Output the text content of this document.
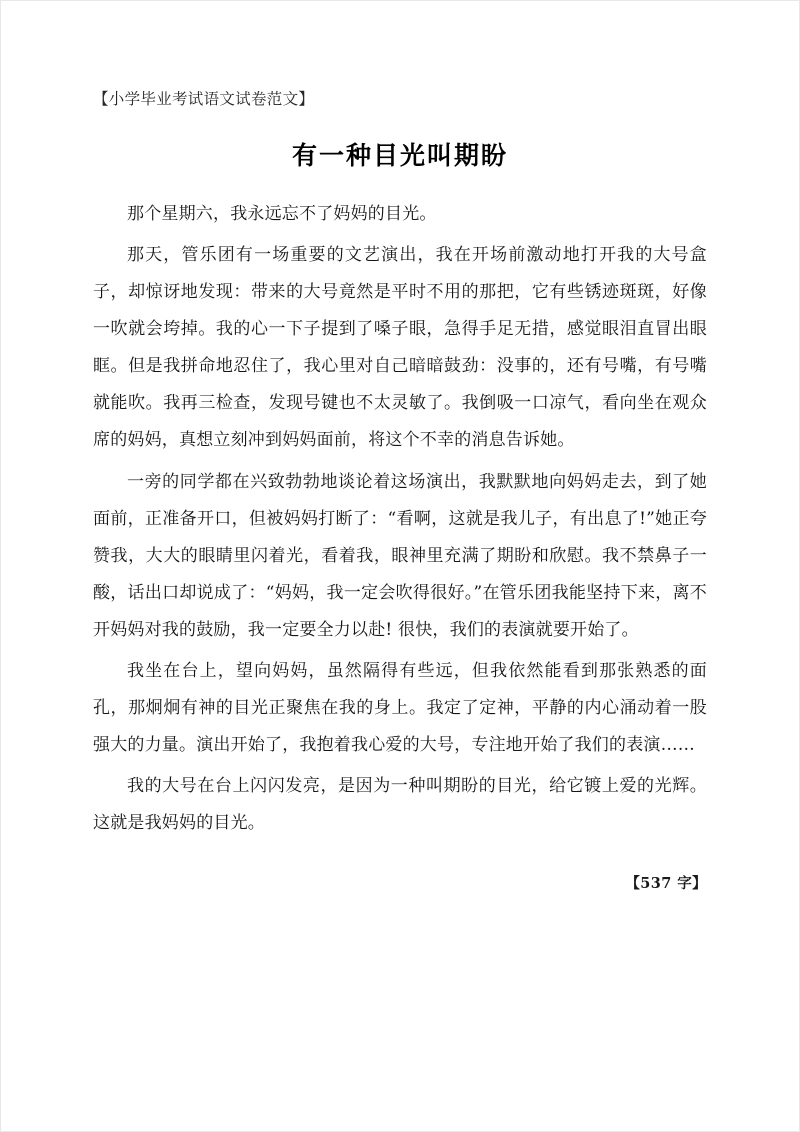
【小学毕业考试语文试卷范文】
有一种目光叫期盼

那个星期六，我永远忘不了妈妈的目光。

那天，管乐团有一场重要的文艺演出，我在开场前激动地打开我的大号盒子，却惊讶地发现：带来的大号竟然是平时不用的那把，它有些锈迹斑斑，好像一吹就会垮掉。我的心一下子提到了嗓子眼，急得手足无措，感觉眼泪直冒出眼眶。但是我拼命地忍住了，我心里对自己暗暗鼓劲：没事的，还有号嘴，有号嘴就能吹。我再三检查，发现号键也不太灵敏了。我倒吸一口凉气，看向坐在观众席的妈妈，真想立刻冲到妈妈面前，将这个不幸的消息告诉她。

一旁的同学都在兴致勃勃地谈论着这场演出，我默默地向妈妈走去，到了她面前，正准备开口，但被妈妈打断了：“看啊，这就是我儿子，有出息了!”她正夸赞我，大大的眼睛里闪着光，看着我，眼神里充满了期盼和欣慰。我不禁鼻子一酸，话出口却说成了：“妈妈，我一定会吹得很好。”在管乐团我能坚持下来，离不开妈妈对我的鼓励，我一定要全力以赴! 很快，我们的表演就要开始了。

我坐在台上，望向妈妈，虽然隔得有些远，但我依然能看到那张熟悉的面孔，那炯炯有神的目光正聚焦在我的身上。我定了定神，平静的内心涌动着一股强大的力量。演出开始了，我抱着我心爱的大号，专注地开始了我们的表演……

我的大号在台上闪闪发亮，是因为一种叫期盼的目光，给它镀上爱的光辉。这就是我妈妈的目光。

【537 字】
